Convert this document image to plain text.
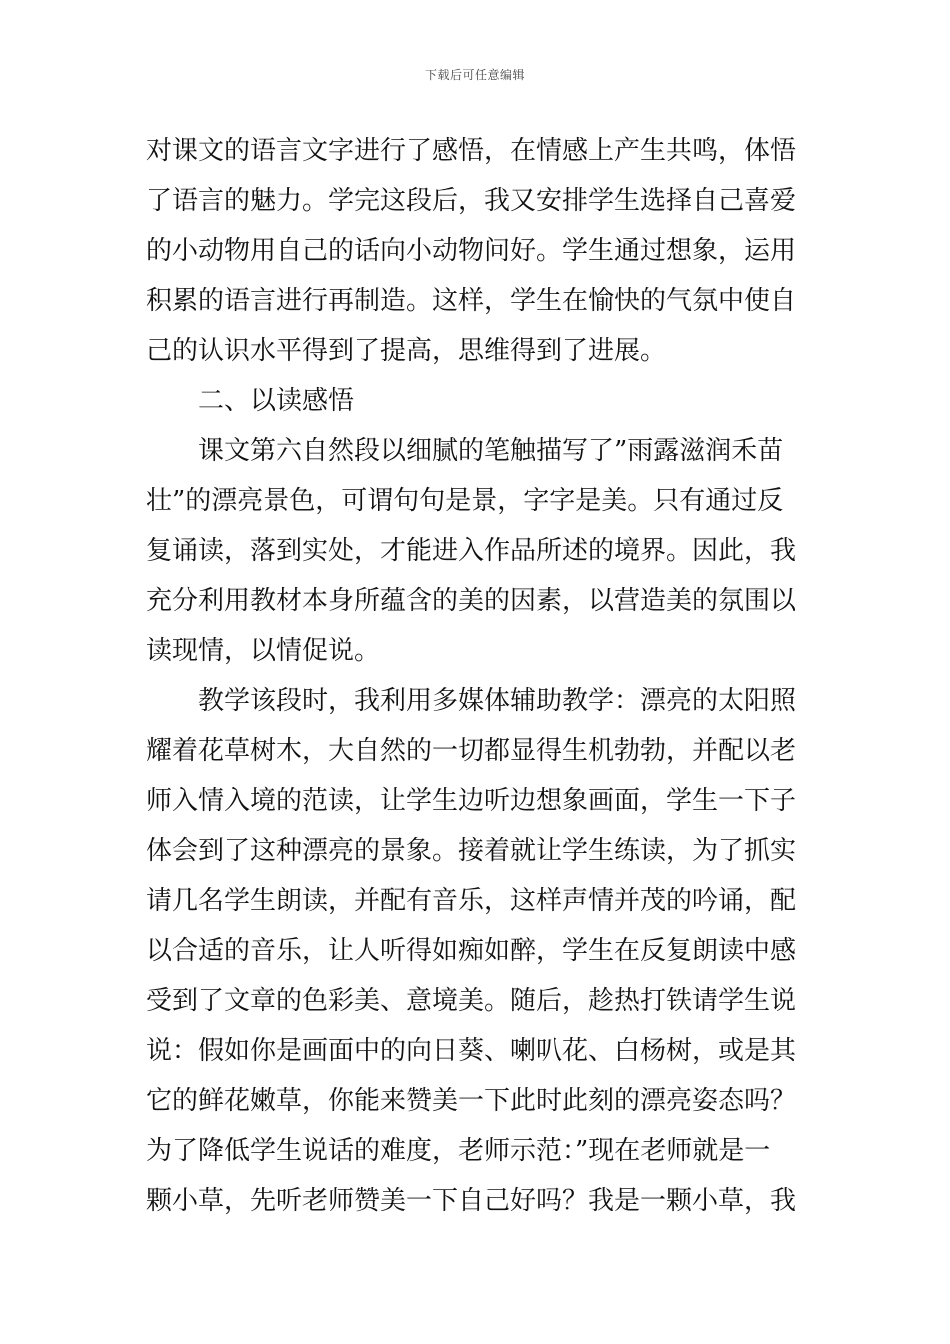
下载后可任意编辑
对课文的语言文字进行了感悟，在情感上产生共鸣，体悟
了语言的魅力。学完这段后，我又安排学生选择自己喜爱
的小动物用自己的话向小动物问好。学生通过想象，运用
积累的语言进行再制造。这样，学生在愉快的气氛中使自
己的认识水平得到了提高，思维得到了进展。
二、以读感悟
课文第六自然段以细腻的笔触描写了”雨露滋润禾苗
壮”的漂亮景色，可谓句句是景，字字是美。只有通过反
复诵读，落到实处，才能进入作品所述的境界。因此，我
充分利用教材本身所蕴含的美的因素，以营造美的氛围以
读现情，以情促说。
教学该段时，我利用多媒体辅助教学：漂亮的太阳照
耀着花草树木，大自然的一切都显得生机勃勃，并配以老
师入情入境的范读，让学生边听边想象画面，学生一下子
体会到了这种漂亮的景象。接着就让学生练读，为了抓实
请几名学生朗读，并配有音乐，这样声情并茂的吟诵，配
以合适的音乐，让人听得如痴如醉，学生在反复朗读中感
受到了文章的色彩美、意境美。随后，趁热打铁请学生说
说：假如你是画面中的向日葵、喇叭花、白杨树，或是其
它的鲜花嫩草，你能来赞美一下此时此刻的漂亮姿态吗？
为了降低学生说话的难度，老师示范：”现在老师就是一
颗小草，先听老师赞美一下自己好吗？我是一颗小草，我
